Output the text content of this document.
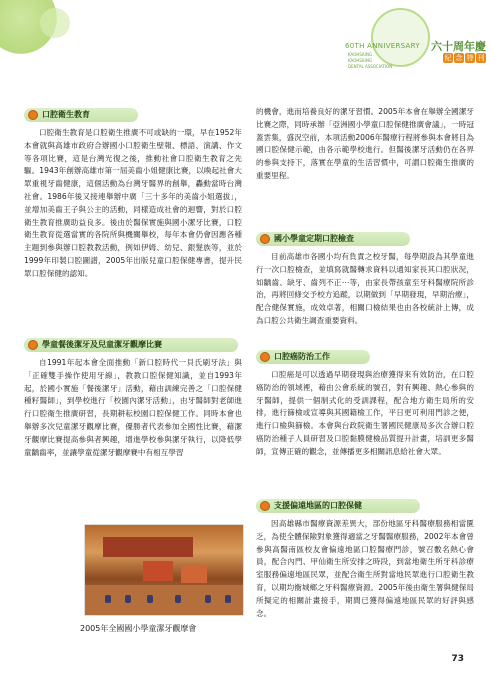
60TH ANNIVERSARY
KAOHSIUNG
KAOHSIUNG
DENTAL ASSOCIATION
六十周年慶
紀 念 特 刊
口腔衛生教育

口腔衛生教育是口腔衛生推廣不可或缺的一環，早在1952年本會就與高雄市政府合辦國小口腔衛生壁報、標語、演講、作文等各項比賽，這是台灣光復之後，推動社會口腔衛生教育之先驅。1943年創辦高雄市第一屆美齒小姐健康比賽，以喚起社會大眾重視牙齒健康，這個活動為台灣牙醫界的創舉，轟動當時台灣社會。1986年後又接連舉辦中廣「三十多年的美齒小姐選拔」，並增加美齒王子與公主的活動，同樣造成社會的迴響，對於口腔衛生教育推廣助益良多。後由於醫保實施與國小潔牙比賽，口腔衛生教育從選當實的各院所與機關舉校，每年本會仍會因應各種主題到參與辦口腔教教活動，例如伊姆、幼兒、銀髮族等，並於1999年印製口腔圖譜，2005年出版兒童口腔保健專書，提升民眾口腔保健的認知。

學童餐後潔牙及兒童潔牙觀摩比賽

自1991年起本會全面推動「新口腔時代一貝氏刷牙法」與「正確雙手操作使用牙線」，教教口腔保健知識，並自1993年起，於國小實施「餐後潔牙」活動，藉由訓練完善之「口腔保健種籽醫師」，到學校進行「校園內潔牙活動」，由牙醫師對老師進行口腔衛生推廣研習，長期耕耘校園口腔保健工作。同時本會也舉辦多次兒童潔牙觀摩比賽，優勝者代表參加全國性比賽，藉潔牙觀摩比賽提高參與者興趣，增進學校參與潔牙執行，以降低學童齲齒率，並讓學童從潔牙觀摩賽中有相互學習

2005年全國國小學童潔牙觀摩會

的機會，進而培養良好的潔牙習慣。2005年本會在舉辦全國潔牙比賽之際，同時承辦「亞洲國小學童口腔保健推廣會議」，一時冠蓋雲集，盛況空前，本項活動2006年醫療行程將參與本會將目為國口腔保健示範，由各示範學校進行。但醫後潔牙活動仍在各界的參與支持下，落實在學童的生活習慣中，可謂口腔衛生推廣的重要里程。

國小學童定期口腔檢查

目前高雄市各國小均有負責之校牙醫，每學期設為其學童進行一次口腔檢查，並填寫就醫轉求資料以通知家長其口腔狀況，如齲齒、缺牙、齒列不正⋯等，由家長帶孩童至牙科醫療院所診治，再將回條交予校方追蹤，以期做到「早期發現，早期治療」，配合健保實施，成效卓著，相關口檢結果也由各校統計上傳，成為口腔公共衛生調查重要資料。

口腔癌防治工作

口腔癌是可以透過早期發現與治療獲得來有效防治，在口腔癌防治的領域裡，藉由公會系統的號召，對有興趣、熱心參與的牙醫師，提供一個制式化的受訓課程，配合地方衛生局所的安排，進行篩檢或宣導與其國籍檢工作，平日更可利用門診之便，進行口檢與篩檢。本會與台政院衛生署國民健康局多次合辦口腔癌防治種子人員研習及口腔黏膜健檢品質提升計畫，培訓更多醫師，宣傳正確的觀念，並傳播更多相關訊息給社會大眾。

支援偏遠地區的口腔保健

因高雄縣市醫療資源差異大，部份地區牙科醫療服務相當匱乏，為使全體保險對象獲得適當之牙醫醫療服務，2002年本會曾參與高醫南區校友會偏遠地區口腔醫療門診，號召數名熱心會員，配合內門、甲仙衛生所安排之時段，到當地衛生所牙科診療室服務偏遠地區民眾，並配合衛生所對當地民眾進行口腔衛生教育，以期均衡城鄉之牙科醫療資源。2005年後由衛生署與健保局所擬定的相關計畫接手，期間已獲得偏遠地區民眾的好評與感念。

73
